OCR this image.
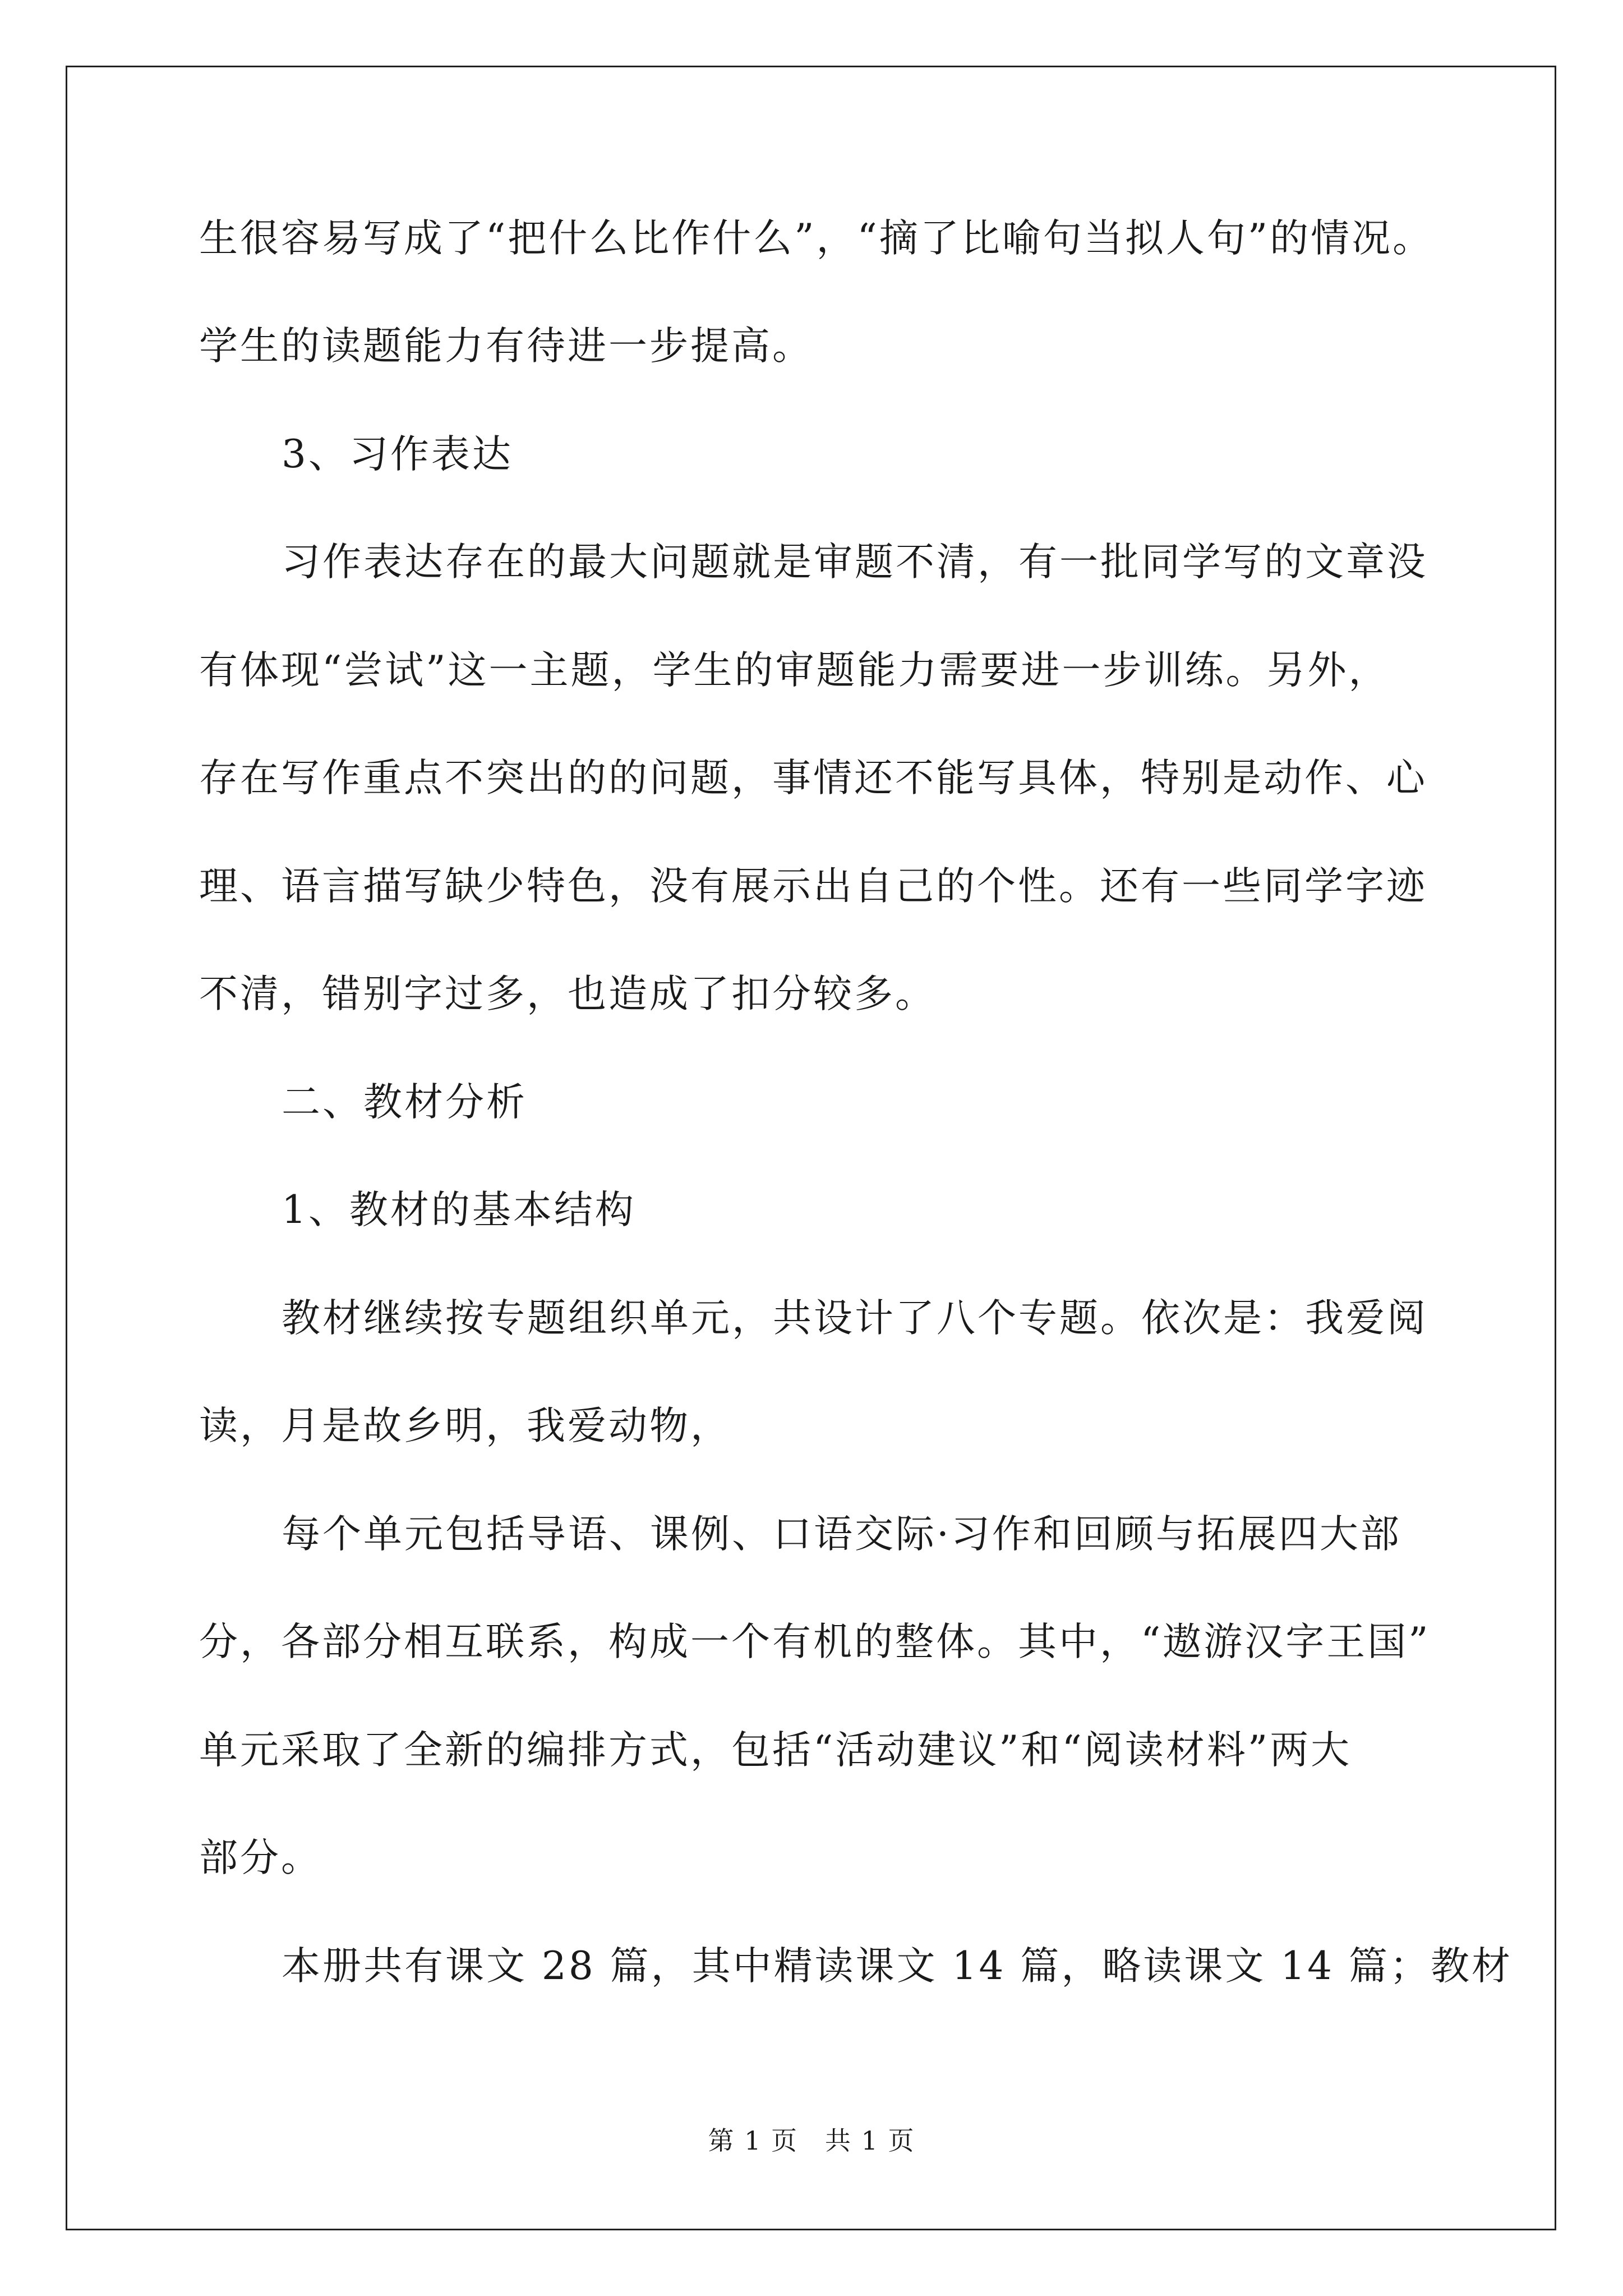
生很容易写成了“把什么比作什么”，“摘了比喻句当拟人句”的情况。
学生的读题能力有待进一步提高。
3、习作表达
习作表达存在的最大问题就是审题不清，有一批同学写的文章没
有体现“尝试”这一主题，学生的审题能力需要进一步训练。另外，
存在写作重点不突出的的问题，事情还不能写具体，特别是动作、心
理、语言描写缺少特色，没有展示出自己的个性。还有一些同学字迹
不清，错别字过多，也造成了扣分较多。
二、教材分析
1、教材的基本结构
教材继续按专题组织单元，共设计了八个专题。依次是：我爱阅
读，月是故乡明，我爱动物，
每个单元包括导语、课例、口语交际·习作和回顾与拓展四大部
分，各部分相互联系，构成一个有机的整体。其中，“遨游汉字王国”
单元采取了全新的编排方式，包括“活动建议”和“阅读材料”两大
部分。
本册共有课文 28 篇，其中精读课文 14 篇，略读课文 14 篇；教材
第 1 页　共 1 页
